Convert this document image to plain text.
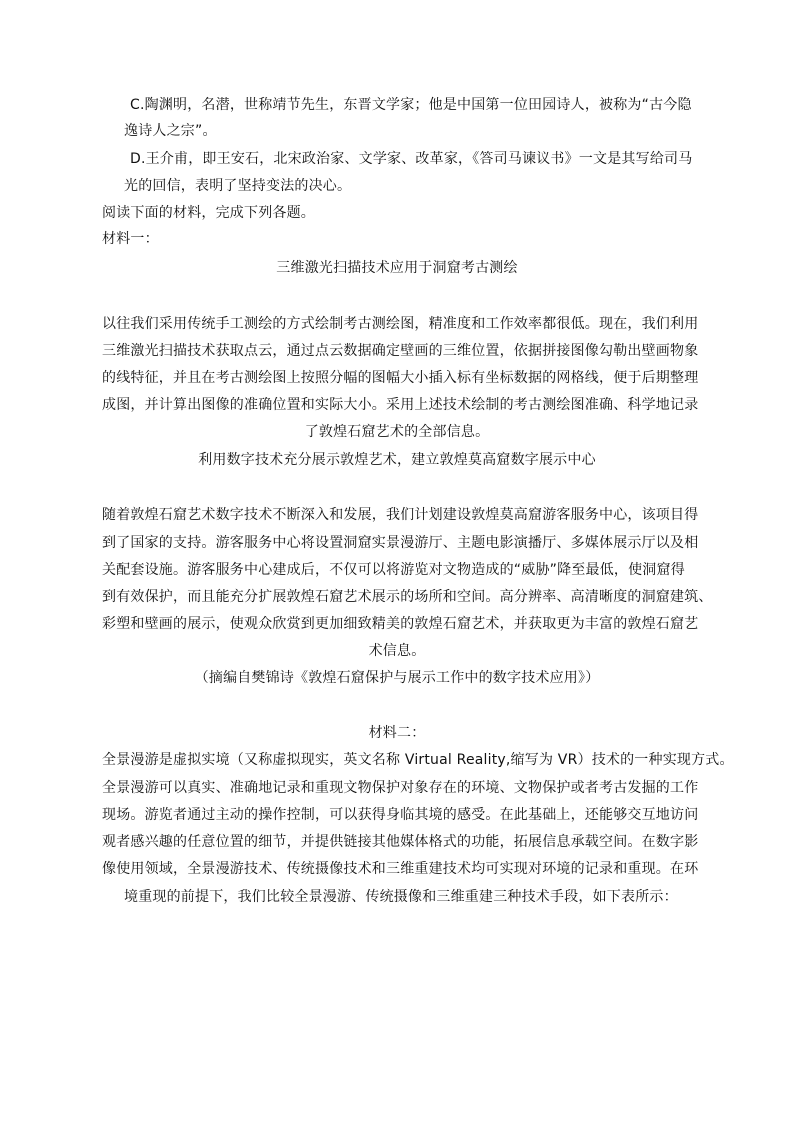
C.陶渊明，名潜，世称靖节先生，东晋文学家；他是中国第一位田园诗人，被称为“古今隐
逸诗人之宗”。
D.王介甫，即王安石，北宋政治家、文学家、改革家，《答司马谏议书》一文是其写给司马
光的回信，表明了坚持变法的决心。
阅读下面的材料，完成下列各题。
材料一：
三维激光扫描技术应用于洞窟考古测绘
以往我们采用传统手工测绘的方式绘制考古测绘图，精准度和工作效率都很低。现在，我们利用
三维激光扫描技术获取点云，通过点云数据确定壁画的三维位置，依据拼接图像勾勒出壁画物象
的线特征，并且在考古测绘图上按照分幅的图幅大小插入标有坐标数据的网格线，便于后期整理
成图，并计算出图像的准确位置和实际大小。采用上述技术绘制的考古测绘图准确、科学地记录
了敦煌石窟艺术的全部信息。
利用数字技术充分展示敦煌艺术，建立敦煌莫高窟数字展示中心
随着敦煌石窟艺术数字技术不断深入和发展，我们计划建设敦煌莫高窟游客服务中心，该项目得
到了国家的支持。游客服务中心将设置洞窟实景漫游厅、主题电影演播厅、多媒体展示厅以及相
关配套设施。游客服务中心建成后，不仅可以将游览对文物造成的“威胁”降至最低，使洞窟得
到有效保护，而且能充分扩展敦煌石窟艺术展示的场所和空间。高分辨率、高清晰度的洞窟建筑、
彩塑和壁画的展示，使观众欣赏到更加细致精美的敦煌石窟艺术，并获取更为丰富的敦煌石窟艺
术信息。
（摘编自樊锦诗《敦煌石窟保护与展示工作中的数字技术应用》）
材料二：
全景漫游是虚拟实境（又称虚拟现实，英文名称 Virtual Reality,缩写为 VR）技术的一种实现方式。
全景漫游可以真实、准确地记录和重现文物保护对象存在的环境、文物保护或者考古发掘的工作
现场。游览者通过主动的操作控制，可以获得身临其境的感受。在此基础上，还能够交互地访问
观者感兴趣的任意位置的细节，并提供链接其他媒体格式的功能，拓展信息承载空间。在数字影
像使用领域，全景漫游技术、传统摄像技术和三维重建技术均可实现对环境的记录和重现。在环
境重现的前提下，我们比较全景漫游、传统摄像和三维重建三种技术手段，如下表所示：
